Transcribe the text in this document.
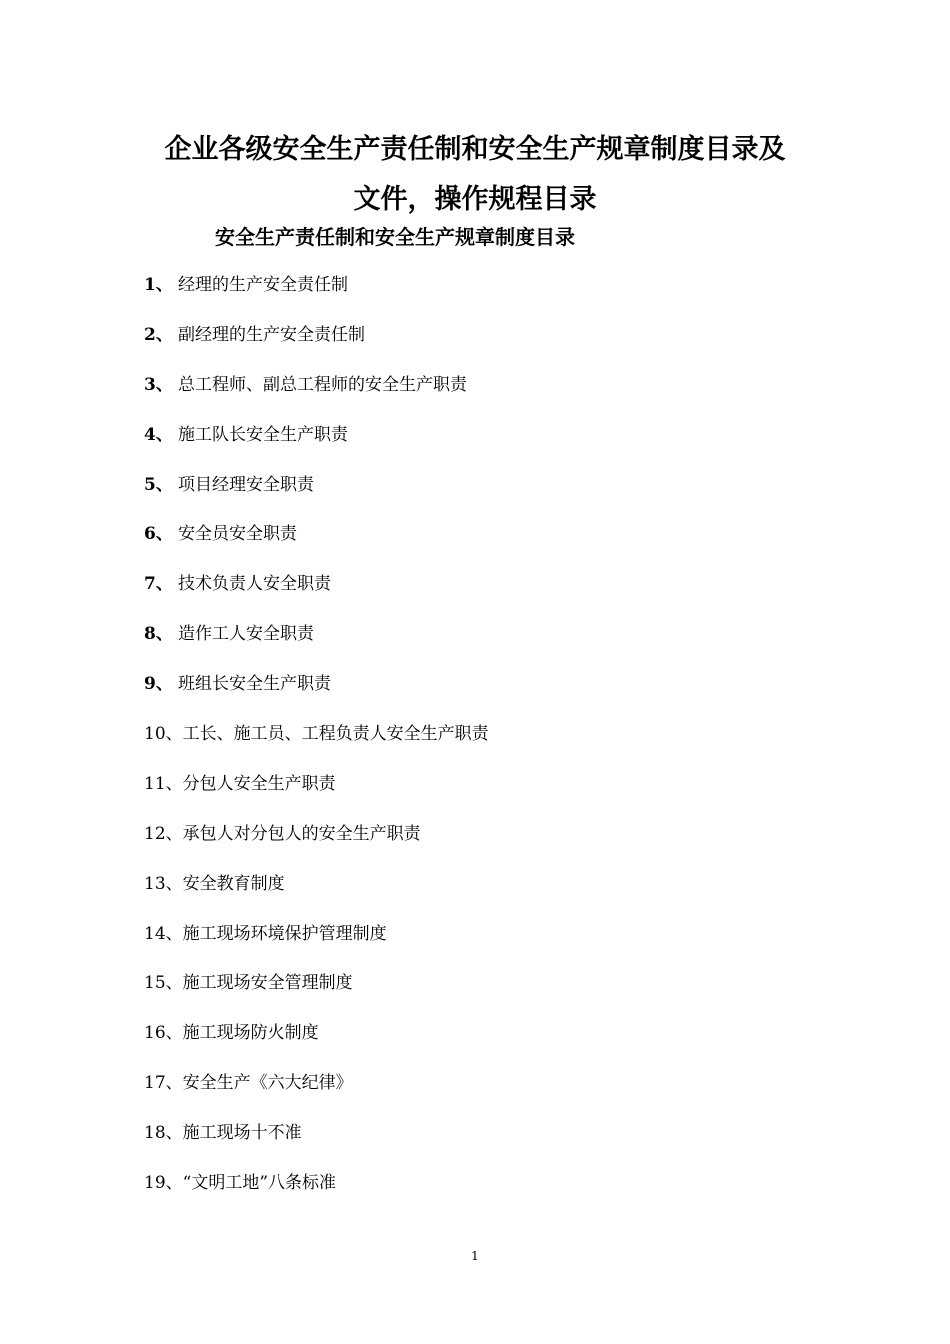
企业各级安全生产责任制和安全生产规章制度目录及
文件，操作规程目录
安全生产责任制和安全生产规章制度目录
1、 经理的生产安全责任制
2、 副经理的生产安全责任制
3、 总工程师、副总工程师的安全生产职责
4、 施工队长安全生产职责
5、 项目经理安全职责
6、 安全员安全职责
7、 技术负责人安全职责
8、 造作工人安全职责
9、 班组长安全生产职责
10、 工长、施工员、工程负责人安全生产职责
11、 分包人安全生产职责
12、 承包人对分包人的安全生产职责
13、 安全教育制度
14、 施工现场环境保护管理制度
15、 施工现场安全管理制度
16、 施工现场防火制度
17、 安全生产《六大纪律》
18、 施工现场十不准
19、 “文明工地”八条标准
1
